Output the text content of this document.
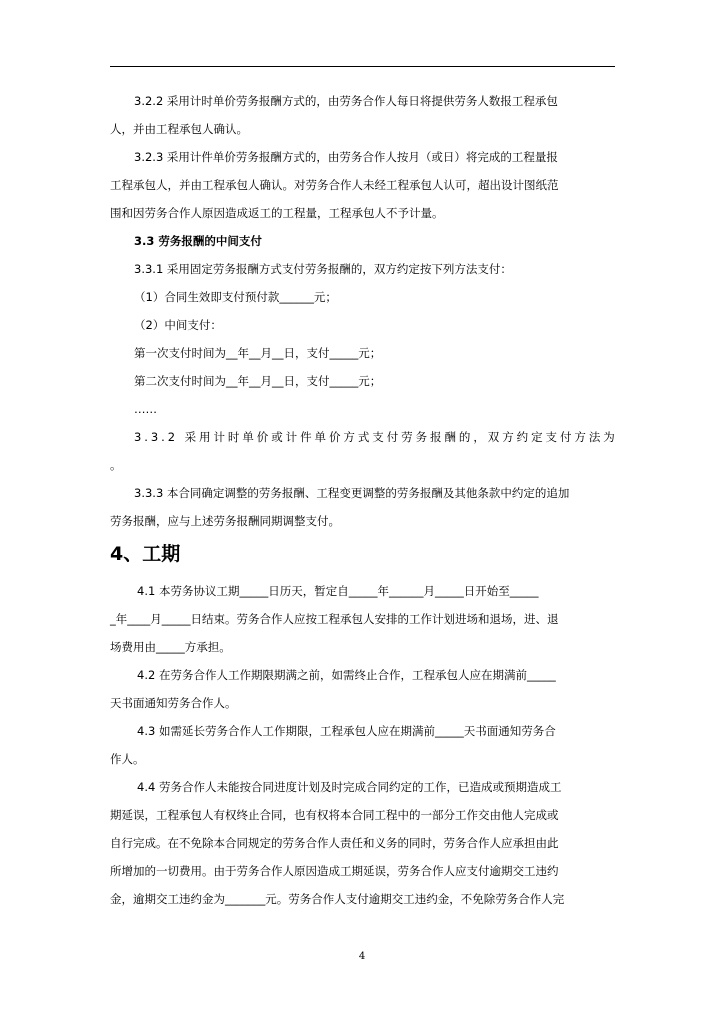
3.2.2 采用计时单价劳务报酬方式的，由劳务合作人每日将提供劳务人数报工程承包
人，并由工程承包人确认。
3.2.3 采用计件单价劳务报酬方式的，由劳务合作人按月（或日）将完成的工程量报
工程承包人，并由工程承包人确认。对劳务合作人未经工程承包人认可，超出设计图纸范
围和因劳务合作人原因造成返工的工程量，工程承包人不予计量。
3.3 劳务报酬的中间支付
3.3.1 采用固定劳务报酬方式支付劳务报酬的，双方约定按下列方法支付：
（1）合同生效即支付预付款______元；
（2）中间支付：
第一次支付时间为__年__月__日，支付_____元；
第二次支付时间为__年__月__日，支付_____元；
……
3 . 3 . 2
采 用 计 时 单 价 或 计 件 单 价 方 式 支 付 劳 务 报 酬 的 ， 双 方 约 定 支 付 方 法 为
。
3.3.3 本合同确定调整的劳务报酬、工程变更调整的劳务报酬及其他条款中约定的追加
劳务报酬，应与上述劳务报酬同期调整支付。
4、工期
4.1 本劳务协议工期_____日历天，暂定自_____年______月_____日开始至_____
_年____月_____日结束。劳务合作人应按工程承包人安排的工作计划进场和退场，进、退
场费用由_____方承担。
4.2 在劳务合作人工作期限期满之前，如需终止合作，工程承包人应在期满前_____
天书面通知劳务合作人。
4.3 如需延长劳务合作人工作期限，工程承包人应在期满前_____天书面通知劳务合
作人。
4.4 劳务合作人未能按合同进度计划及时完成合同约定的工作，已造成或预期造成工
期延误，工程承包人有权终止合同，也有权将本合同工程中的一部分工作交由他人完成或
自行完成。在不免除本合同规定的劳务合作人责任和义务的同时，劳务合作人应承担由此
所增加的一切费用。由于劳务合作人原因造成工期延误，劳务合作人应支付逾期交工违约
金，逾期交工违约金为_______元。劳务合作人支付逾期交工违约金，不免除劳务合作人完
4
